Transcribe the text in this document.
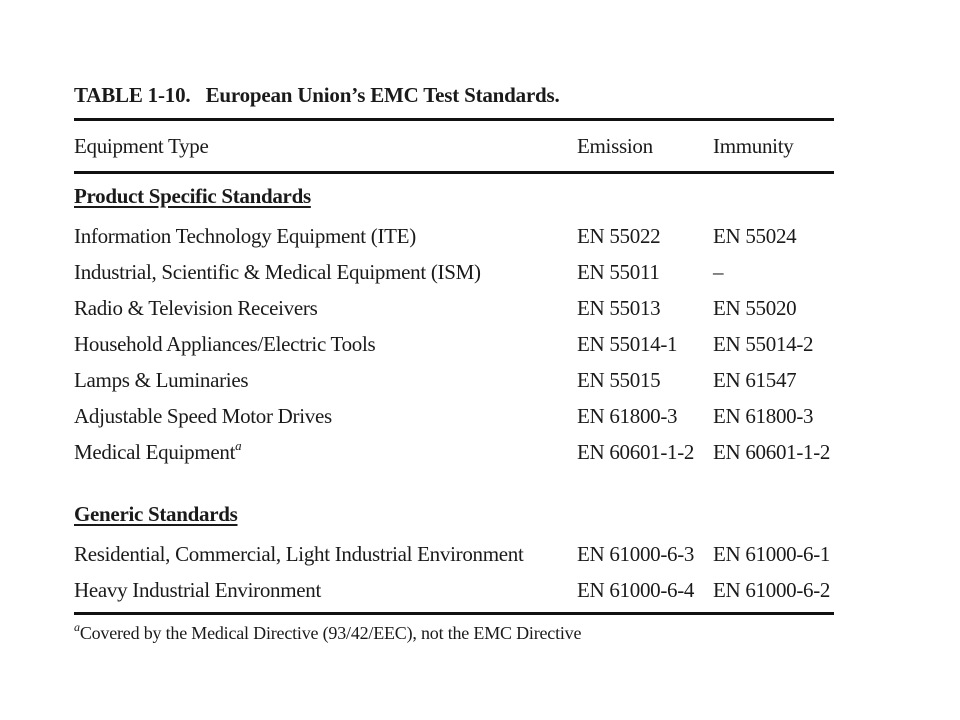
TABLE 1-10.   European Union’s EMC Test Standards.
Equipment Type	Emission	Immunity

Product Specific Standards		
Information Technology Equipment (ITE)	EN 55022	EN 55024
Industrial, Scientific & Medical Equipment (ISM)	EN 55011	–
Radio & Television Receivers	EN 55013	EN 55020
Household Appliances/Electric Tools	EN 55014-1	EN 55014-2
Lamps & Luminaries	EN 55015	EN 61547
Adjustable Speed Motor Drives	EN 61800-3	EN 61800-3
Medical Equipment$^a$	EN 60601-1-2	EN 60601-1-2

Generic Standards		
Residential, Commercial, Light Industrial Environment	EN 61000-6-3	EN 61000-6-1
Heavy Industrial Environment	EN 61000-6-4	EN 61000-6-2
$^a$Covered by the Medical Directive (93/42/EEC), not the EMC Directive
